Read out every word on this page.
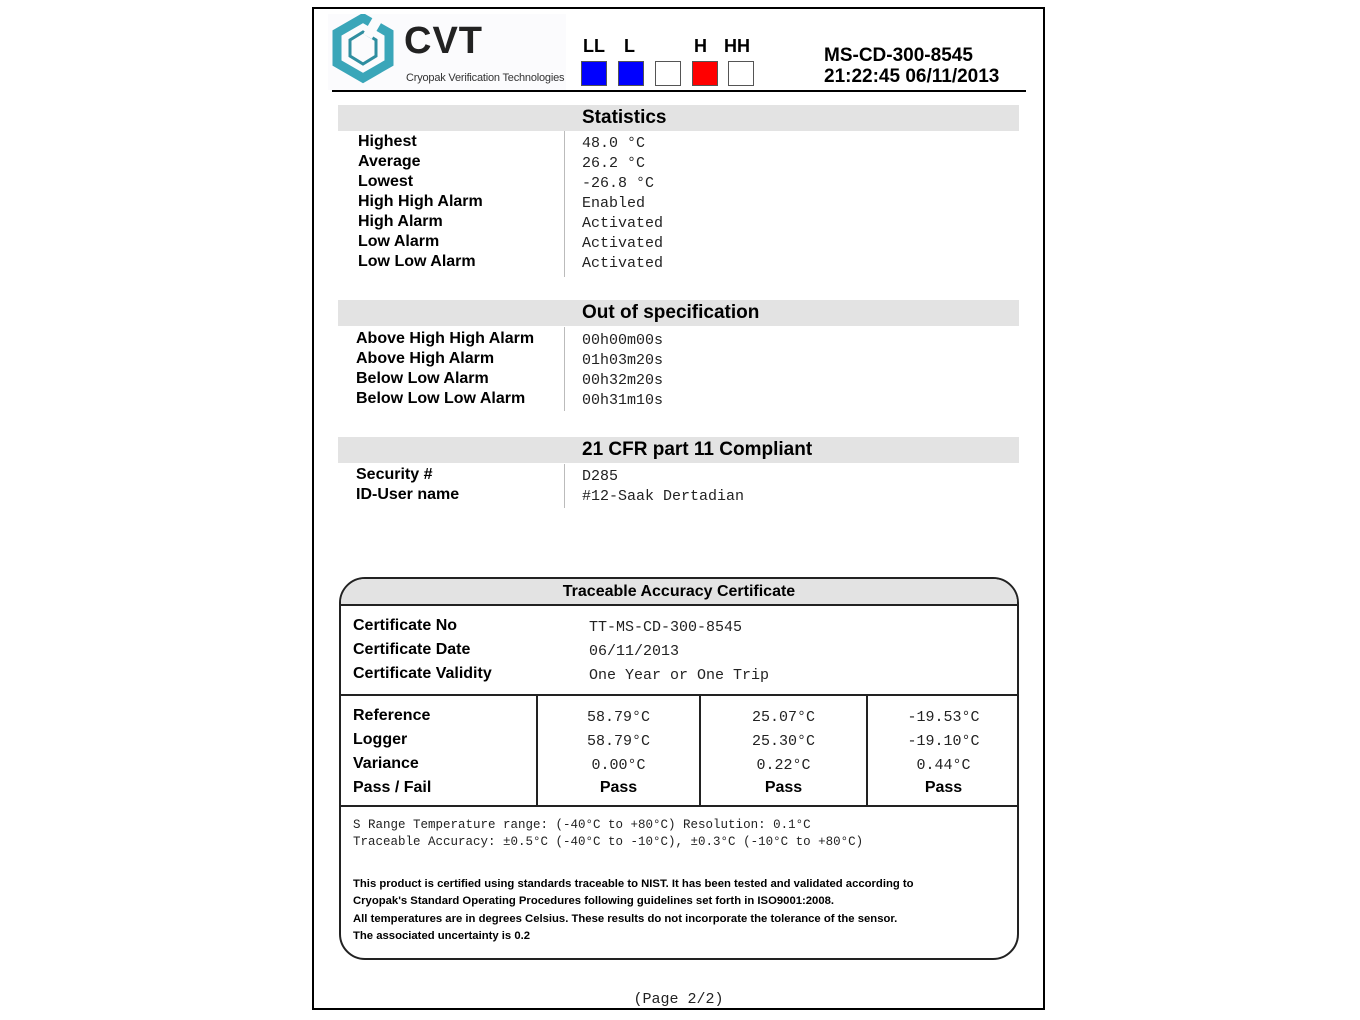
CVT
Cryopak Verification Technologies
LL L	H HH	MS-CD-300-8545
21:22:45 06/11/2013
Statistics
Highest
Average
Lowest
High High Alarm
High Alarm
Low Alarm
Low Low Alarm
48.0 °C
26.2 °C
-26.8 °C
Enabled
Activated
Activated
Activated
Out of specification
Above High High Alarm
Above High Alarm
Below Low Alarm
Below Low Low Alarm
00h00m00s
01h03m20s
00h32m20s
00h31m10s
21 CFR part 11 Compliant
Security #
ID-User name
D285
#12-Saak Dertadian
Traceable Accuracy Certificate
Certificate No
Certificate Date
Certificate Validity
TT-MS-CD-300-8545
06/11/2013
One Year or One Trip
Reference
Logger
Variance
Pass / Fail
58.79°C
58.79°C
0.00°C
Pass
25.07°C
25.30°C
0.22°C
Pass
-19.53°C
-19.10°C
0.44°C
Pass
S Range Temperature range: (-40°C to +80°C) Resolution: 0.1°C
Traceable Accuracy: ±0.5°C (-40°C to -10°C), ±0.3°C (-10°C to +80°C)
This product is certified using standards traceable to NIST. It has been tested and validated according to
Cryopak's Standard Operating Procedures following guidelines set forth in ISO9001:2008.
All temperatures are in degrees Celsius. These results do not incorporate the tolerance of the sensor.
The associated uncertainty is 0.2
(Page 2/2)
